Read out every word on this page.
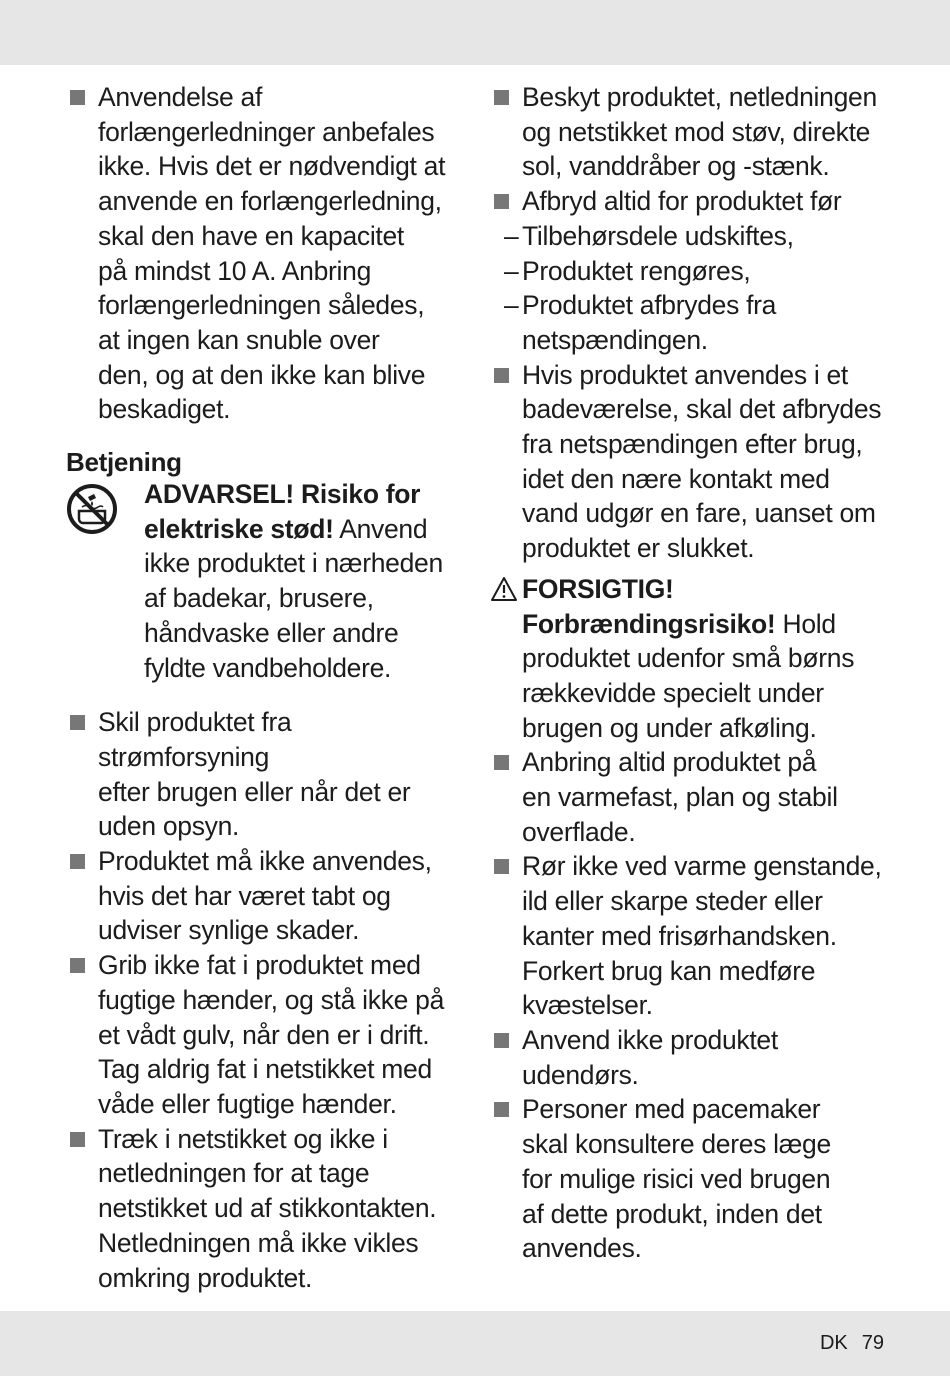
Anvendelse af
forlængerledninger anbefales
ikke. Hvis det er nødvendigt at
anvende en forlængerledning,
skal den have en kapacitet
på mindst 10 A. Anbring
forlængerledningen således,
at ingen kan snuble over
den, og at den ikke kan blive
beskadiget.
Betjening
ADVARSEL! Risiko for
elektriske stød! Anvend
ikke produktet i nærheden
af badekar, brusere,
håndvaske eller andre
fyldte vandbeholdere.
Skil produktet fra strømforsyning
efter brugen eller når det er
uden opsyn.
Produktet må ikke anvendes,
hvis det har været tabt og
udviser synlige skader.
Grib ikke fat i produktet med
fugtige hænder, og stå ikke på
et vådt gulv, når den er i drift.
Tag aldrig fat i netstikket med
våde eller fugtige hænder.
Træk i netstikket og ikke i
netledningen for at tage
netstikket ud af stikkontakten.
Netledningen må ikke vikles
omkring produktet.
Beskyt produktet, netledningen
og netstikket mod støv, direkte
sol, vanddråber og -stænk.
Afbryd altid for produktet før
– Tilbehørsdele udskiftes,
– Produktet rengøres,
– Produktet afbrydes fra
netspændingen.
Hvis produktet anvendes i et
badeværelse, skal det afbrydes
fra netspændingen efter brug,
idet den nære kontakt med
vand udgør en fare, uanset om
produktet er slukket.
FORSIGTIG!
Forbrændingsrisiko! Hold
produktet udenfor små børns
rækkevidde specielt under
brugen og under afkøling.
Anbring altid produktet på
en varmefast, plan og stabil
overflade.
Rør ikke ved varme genstande,
ild eller skarpe steder eller
kanter med frisørhandsken.
Forkert brug kan medføre
kvæstelser.
Anvend ikke produktet
udendørs.
Personer med pacemaker
skal konsultere deres læge
for mulige risici ved brugen
af dette produkt, inden det
anvendes.
DK 79
